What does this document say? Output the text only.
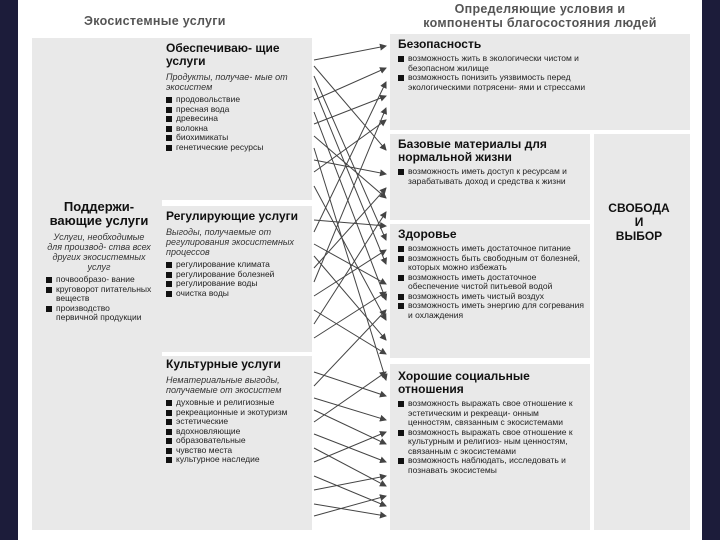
Экосистемные услуги
Определяющие условия и
компоненты благосостояния людей
Поддержи- вающие услуги
Услуги, необходимые для производ- ства всех других экосистемных услуг
почвообразо- вание
круговорот питательных веществ
производство первичной продукции
Обеспечиваю- щие услуги
Продукты, получае- мые от экосистем
продовольствие
пресная вода
древесина
волокна
биохимикаты
генетические ресурсы
Регулирующие услуги
Выгоды, получаемые от регулирования экосистемных процессов
регулирование климата
регулирование болезней
регулирование воды
очистка воды
Культурные услуги
Нематериальные выгоды, получаемые от экосистем
духовные и религиозные
рекреационные и экотуризм
эстетические
вдохновляющие
образовательные
чувство места
культурное наследие
Безопасность
возможность жить в экологически чистом и безопасном жилище
возможность понизить уязвимость перед экологическими потрясени- ями и стрессами
Базовые материалы для нормальной жизни
возможность иметь доступ к ресурсам и зарабатывать доход и средства к жизни
Здоровье
возможность иметь достаточное питание
возможность быть свободным от болезней, которых можно избежать
возможность иметь достаточное обеспечение чистой питьевой водой
возможность иметь чистый воздух
возможность иметь энергию для согревания и охлаждения
Хорошие социальные отношения
возможность выражать свое отношение к эстетическим и рекреаци- онным ценностям, связанным с экосистемами
возможность выражать свое отношение к культурным и религиоз- ным ценностям, связанным с экосистемами
возможность наблюдать, исследовать и познавать экосистемы
СВОБОДА
И
ВЫБОР
